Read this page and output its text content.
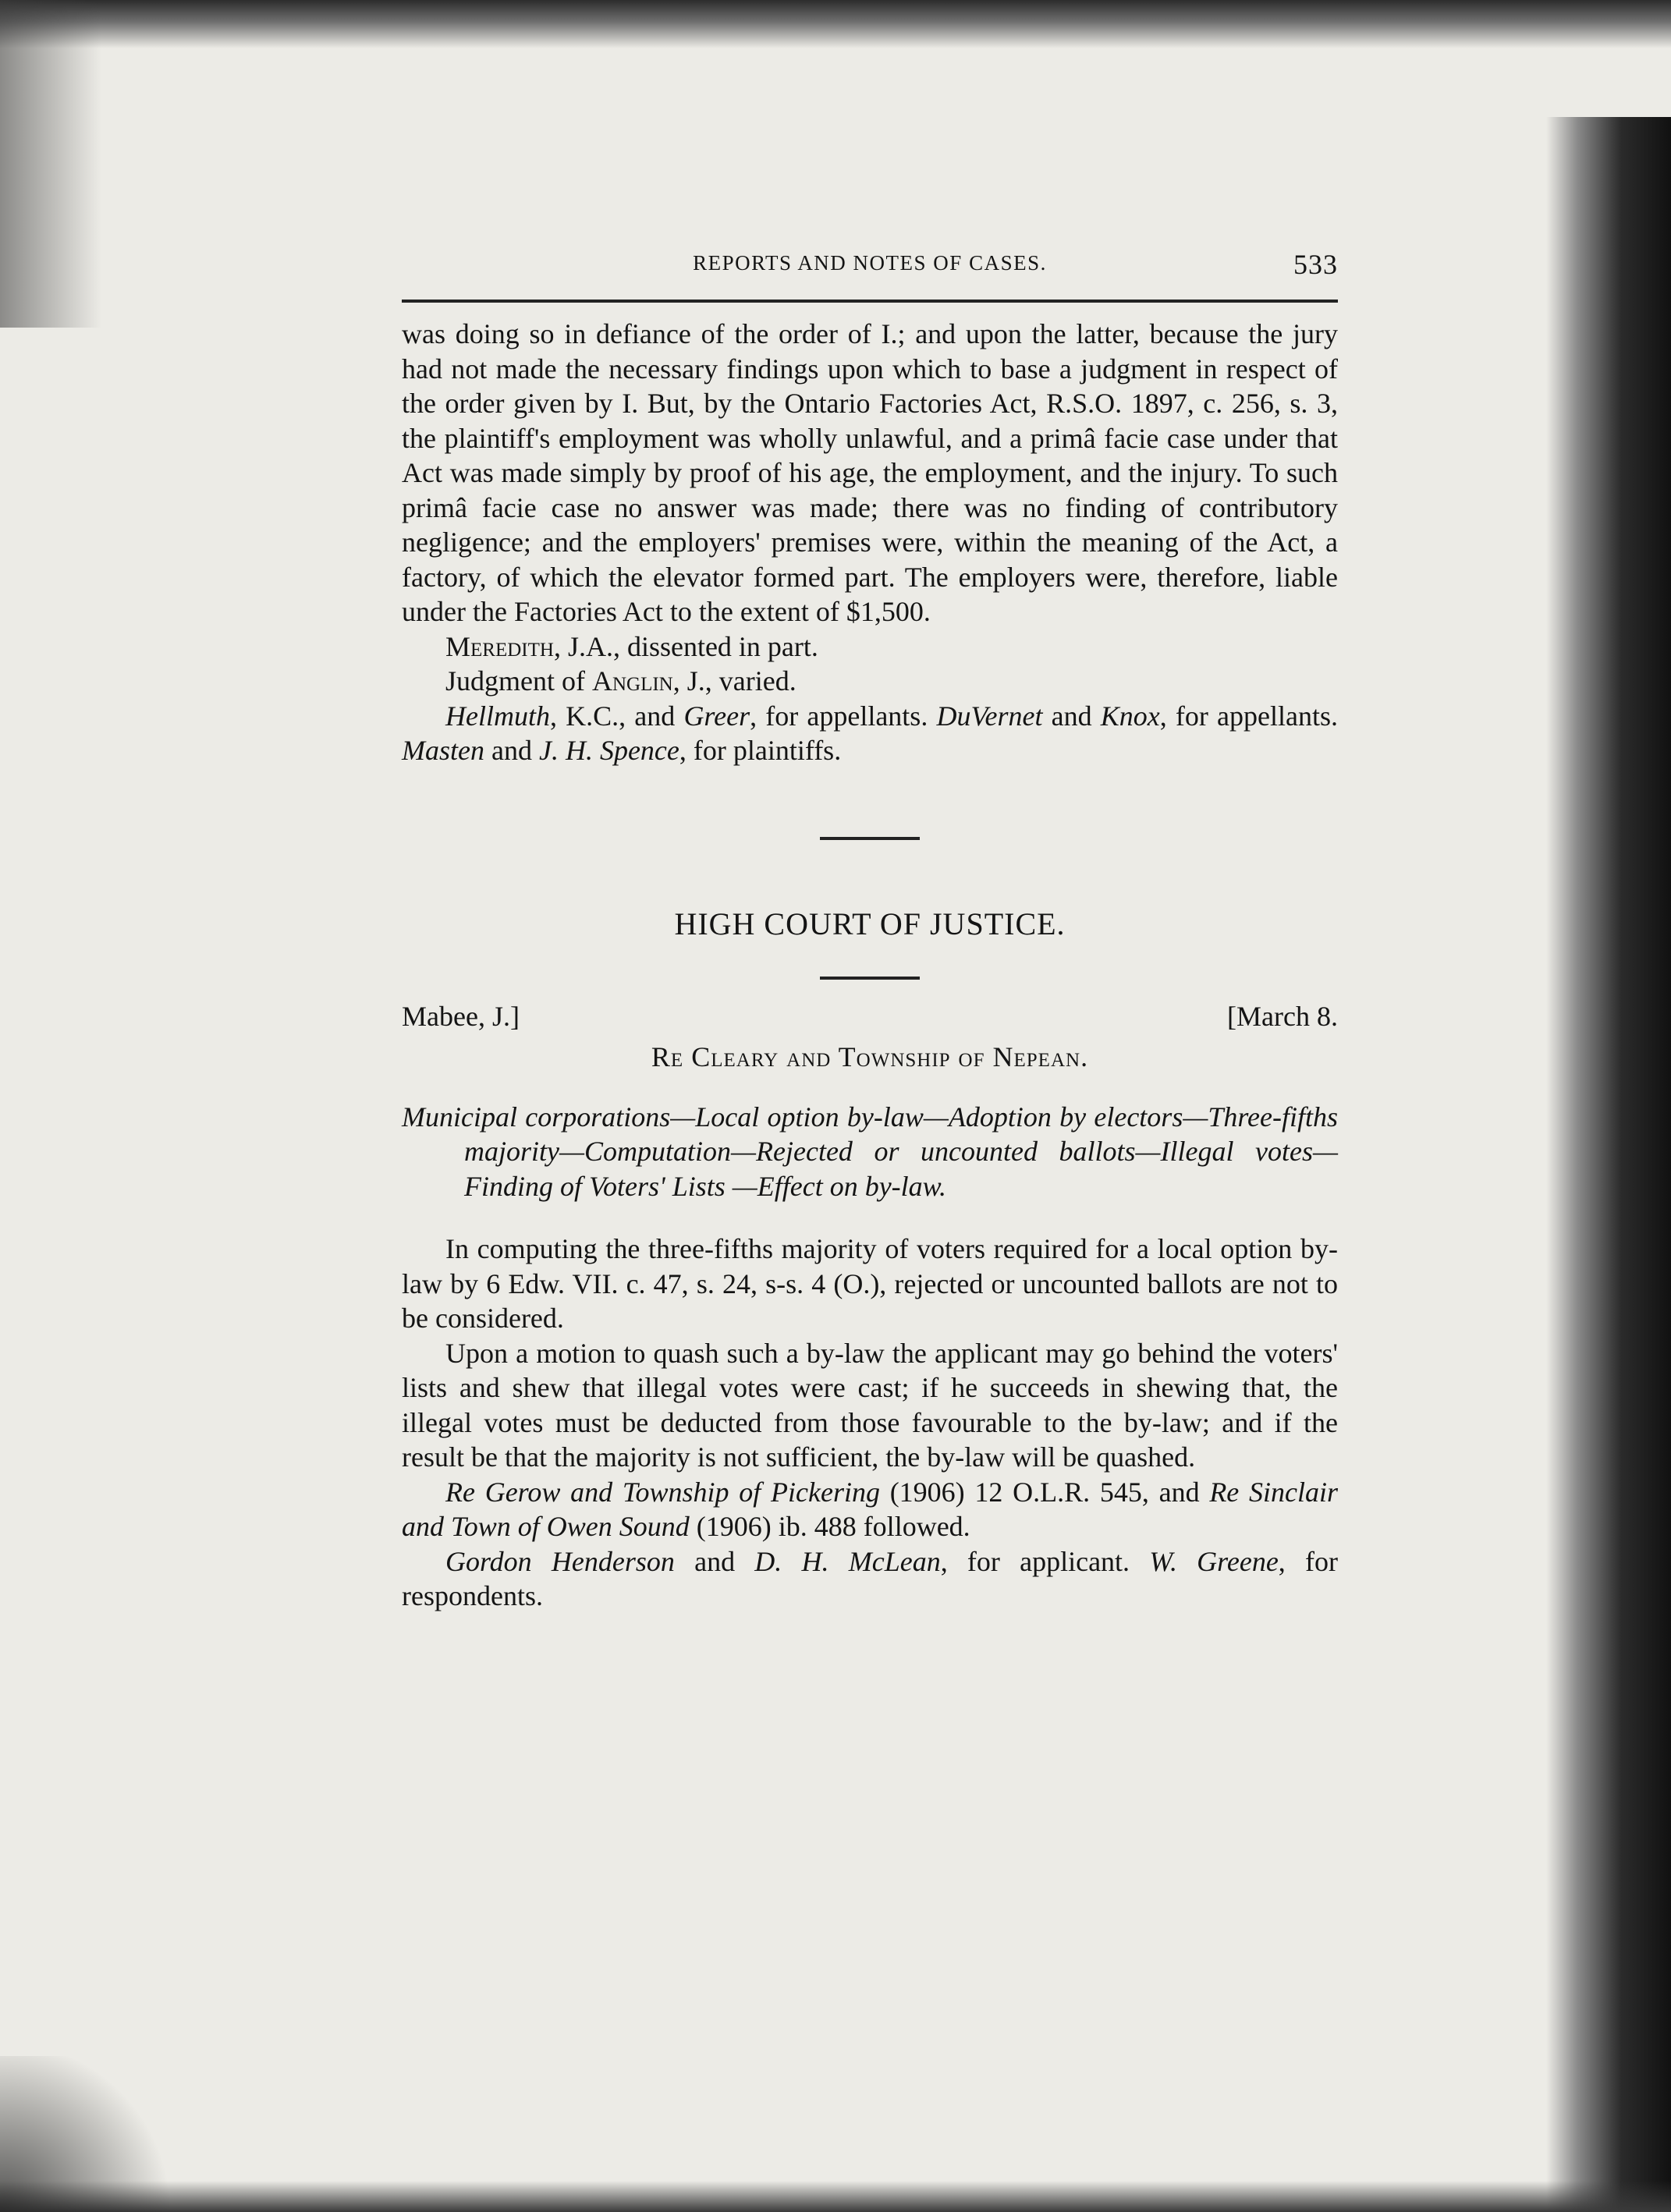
REPORTS AND NOTES OF CASES.	533

was doing so in defiance of the order of I.; and upon the latter, because the jury had not made the necessary findings upon which to base a judgment in respect of the order given by I. But, by the Ontario Factories Act, R.S.O. 1897, c. 256, s. 3, the plaintiff's employment was wholly unlawful, and a primâ facie case under that Act was made simply by proof of his age, the employment, and the injury. To such primâ facie case no answer was made; there was no finding of contributory negligence; and the employers' premises were, within the meaning of the Act, a factory, of which the elevator formed part. The employers were, therefore, liable under the Factories Act to the extent of $1,500.

Meredith, J.A., dissented in part.

Judgment of Anglin, J., varied.

Hellmuth, K.C., and Greer, for appellants. DuVernet and Knox, for appellants. Masten and J. H. Spence, for plaintiffs.

HIGH COURT OF JUSTICE.
Mabee, J.]	[March 8.
Re Cleary and Township of Nepean.

Municipal corporations—Local option by-law—Adoption by electors—Three-fifths majority—Computation—Rejected or uncounted ballots—Illegal votes—Finding of Voters' Lists —Effect on by-law.

In computing the three-fifths majority of voters required for a local option by-law by 6 Edw. VII. c. 47, s. 24, s-s. 4 (O.), rejected or uncounted ballots are not to be considered.

Upon a motion to quash such a by-law the applicant may go behind the voters' lists and shew that illegal votes were cast; if he succeeds in shewing that, the illegal votes must be deducted from those favourable to the by-law; and if the result be that the majority is not sufficient, the by-law will be quashed.

Re Gerow and Township of Pickering (1906) 12 O.L.R. 545, and Re Sinclair and Town of Owen Sound (1906) ib. 488 followed.

Gordon Henderson and D. H. McLean, for applicant. W. Greene, for respondents.
